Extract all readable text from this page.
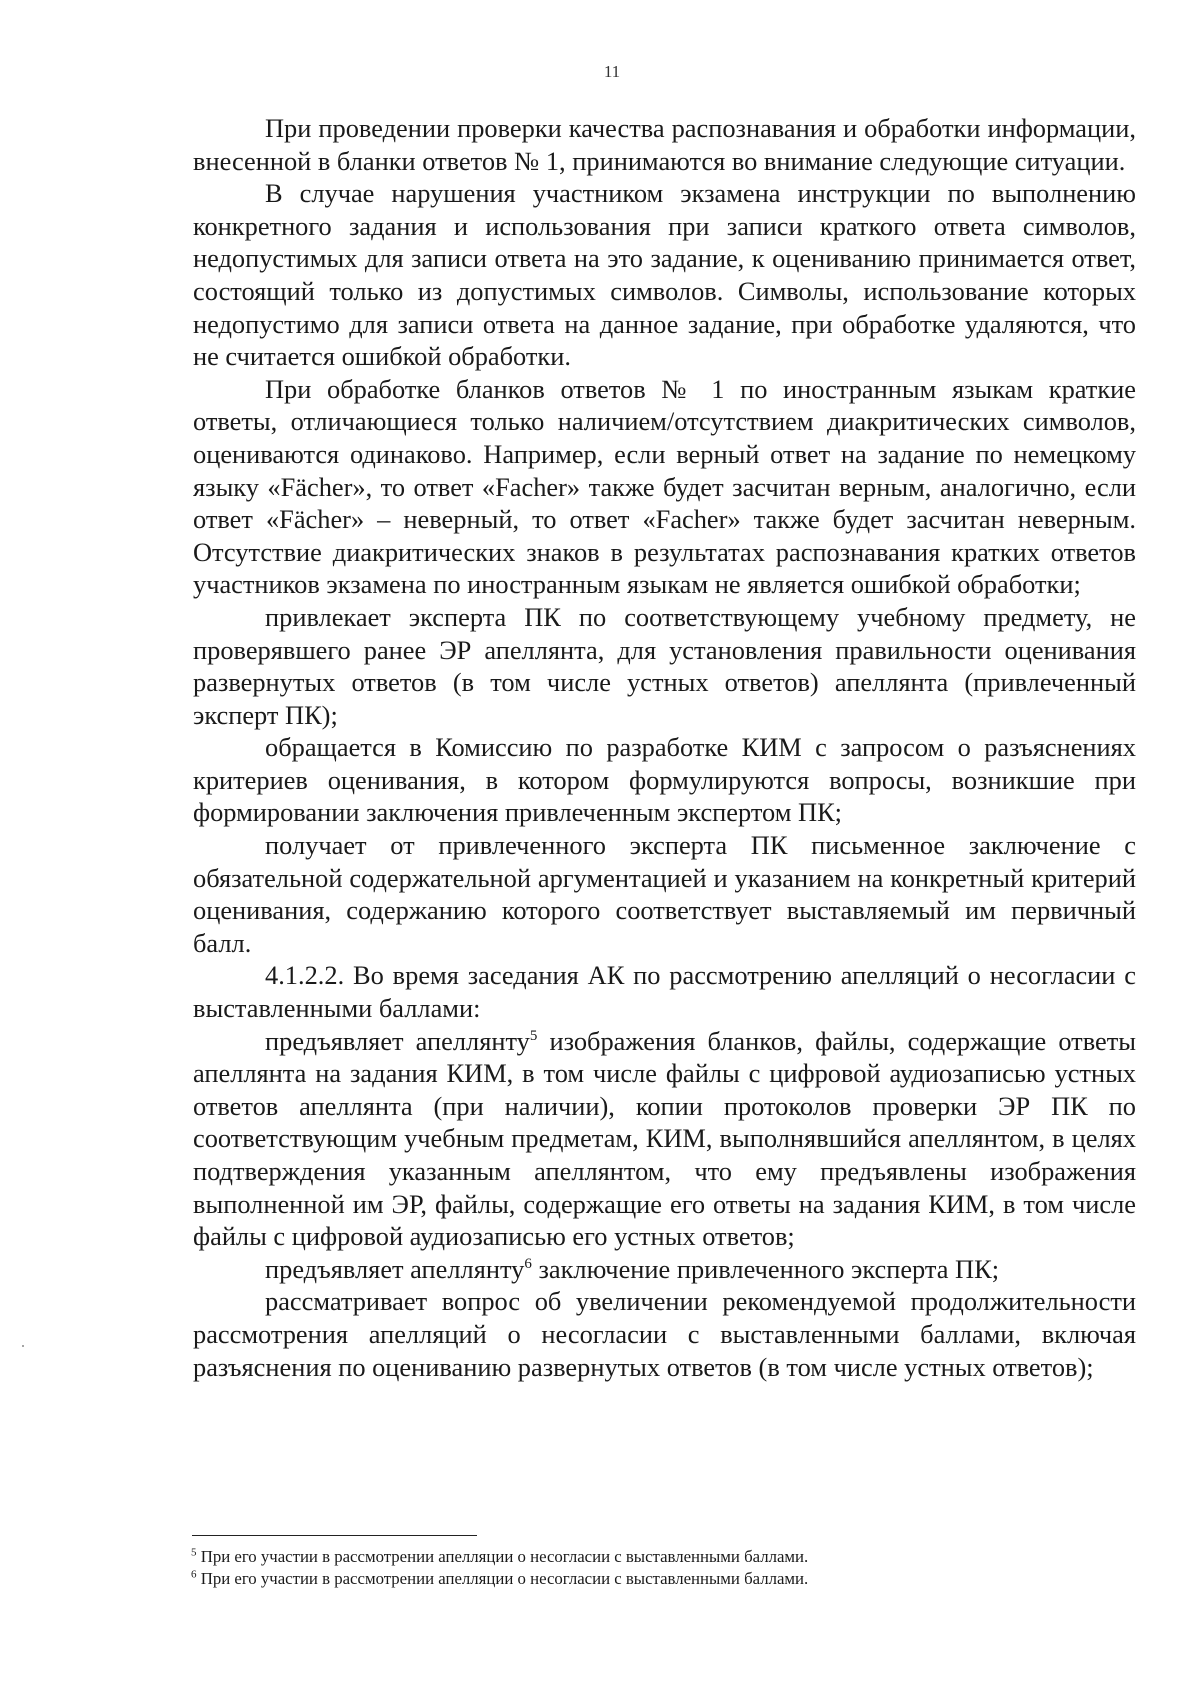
11

При проведении проверки качества распознавания и обработки информации, внесенной в бланки ответов № 1, принимаются во внимание следующие ситуации.

В случае нарушения участником экзамена инструкции по выполнению конкретного задания и использования при записи краткого ответа символов, недопустимых для записи ответа на это задание, к оцениванию принимается ответ, состоящий только из допустимых символов. Символы, использование которых недопустимо для записи ответа на данное задание, при обработке удаляются, что не считается ошибкой обработки.

При обработке бланков ответов № 1 по иностранным языкам краткие ответы, отличающиеся только наличием/отсутствием диакритических символов, оцениваются одинаково. Например, если верный ответ на задание по немецкому языку «Fächer», то ответ «Facher» также будет засчитан верным, аналогично, если ответ «Fächer» – неверный, то ответ «Facher» также будет засчитан неверным. Отсутствие диакритических знаков в результатах распознавания кратких ответов участников экзамена по иностранным языкам не является ошибкой обработки;

привлекает эксперта ПК по соответствующему учебному предмету, не проверявшего ранее ЭР апеллянта, для установления правильности оценивания развернутых ответов (в том числе устных ответов) апеллянта (привлеченный эксперт ПК);

обращается в Комиссию по разработке КИМ с запросом о разъяснениях критериев оценивания, в котором формулируются вопросы, возникшие при формировании заключения привлеченным экспертом ПК;

получает от привлеченного эксперта ПК письменное заключение с обязательной содержательной аргументацией и указанием на конкретный критерий оценивания, содержанию которого соответствует выставляемый им первичный балл.

4.1.2.2. Во время заседания АК по рассмотрению апелляций о несогласии с выставленными баллами:

предъявляет апеллянту$^5$ изображения бланков, файлы, содержащие ответы апеллянта на задания КИМ, в том числе файлы с цифровой аудиозаписью устных ответов апеллянта (при наличии), копии протоколов проверки ЭР ПК по соответствующим учебным предметам, КИМ, выполнявшийся апеллянтом, в целях подтверждения указанным апеллянтом, что ему предъявлены изображения выполненной им ЭР, файлы, содержащие его ответы на задания КИМ, в том числе файлы с цифровой аудиозаписью его устных ответов;

предъявляет апеллянту$^6$ заключение привлеченного эксперта ПК;

рассматривает вопрос об увеличении рекомендуемой продолжительности рассмотрения апелляций о несогласии с выставленными баллами, включая разъяснения по оцениванию развернутых ответов (в том числе устных ответов);

$^5$ При его участии в рассмотрении апелляции о несогласии с выставленными баллами.

$^6$ При его участии в рассмотрении апелляции о несогласии с выставленными баллами.
